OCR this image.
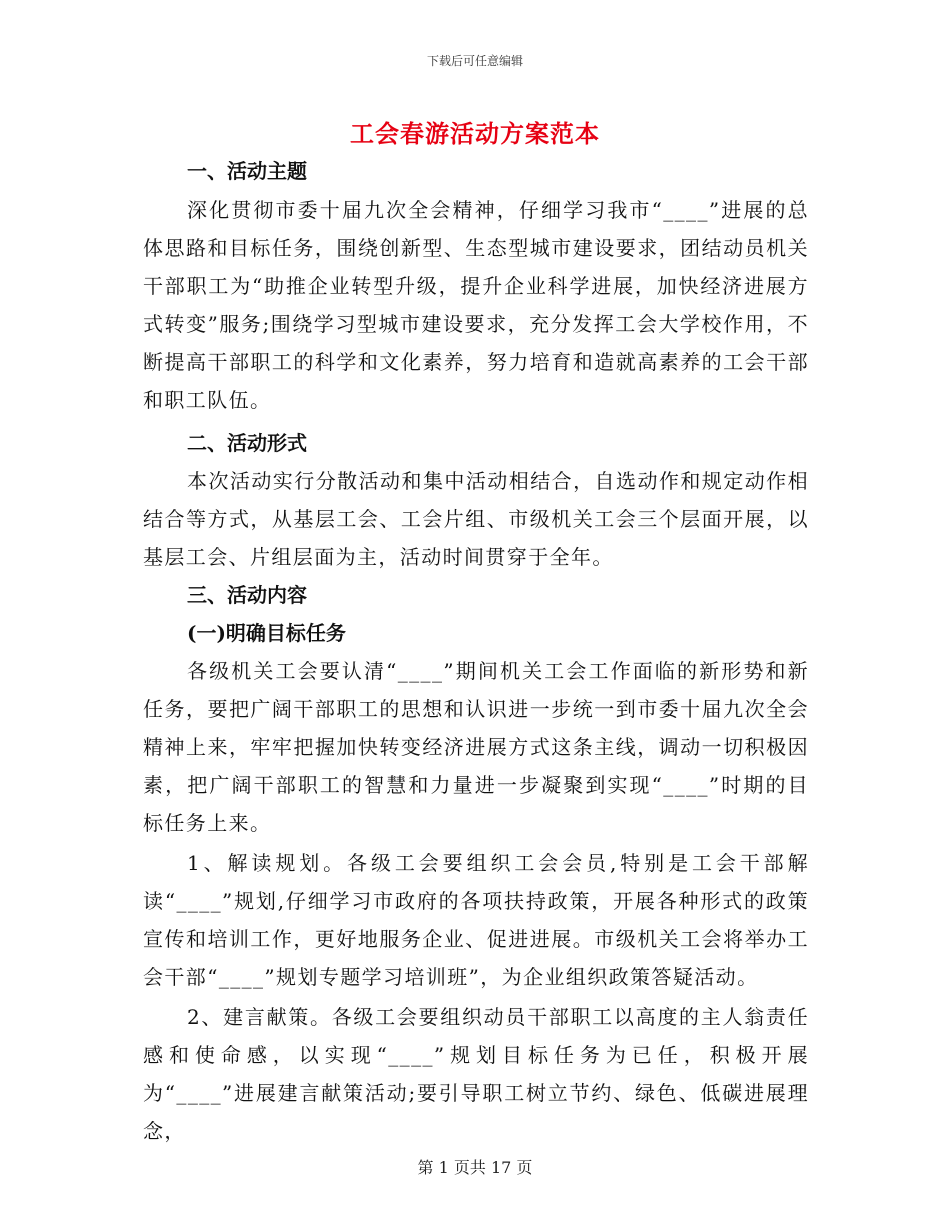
下载后可任意编辑
工会春游活动方案范本

一、活动主题

深化贯彻市委十届九次全会精神，仔细学习我市“____”进展的总体思路和目标任务，围绕创新型、生态型城市建设要求，团结动员机关干部职工为“助推企业转型升级，提升企业科学进展，加快经济进展方式转变”服务;围绕学习型城市建设要求，充分发挥工会大学校作用，不断提高干部职工的科学和文化素养，努力培育和造就高素养的工会干部和职工队伍。

二、活动形式

本次活动实行分散活动和集中活动相结合，自选动作和规定动作相结合等方式，从基层工会、工会片组、市级机关工会三个层面开展，以基层工会、片组层面为主，活动时间贯穿于全年。

三、活动内容

(一)明确目标任务

各级机关工会要认清“____”期间机关工会工作面临的新形势和新任务，要把广阔干部职工的思想和认识进一步统一到市委十届九次全会精神上来，牢牢把握加快转变经济进展方式这条主线，调动一切积极因素，把广阔干部职工的智慧和力量进一步凝聚到实现“____”时期的目标任务上来。

1、解读规划。各级工会要组织工会会员,特别是工会干部解读“____”规划,仔细学习市政府的各项扶持政策，开展各种形式的政策宣传和培训工作，更好地服务企业、促进进展。市级机关工会将举办工会干部“____”规划专题学习培训班”，为企业组织政策答疑活动。

2、建言献策。各级工会要组织动员干部职工以高度的主人翁责任感和使命感，以实现“____”规划目标任务为已任，积极开展为“____”进展建言献策活动;要引导职工树立节约、绿色、低碳进展理念，

第 1 页共 17 页
